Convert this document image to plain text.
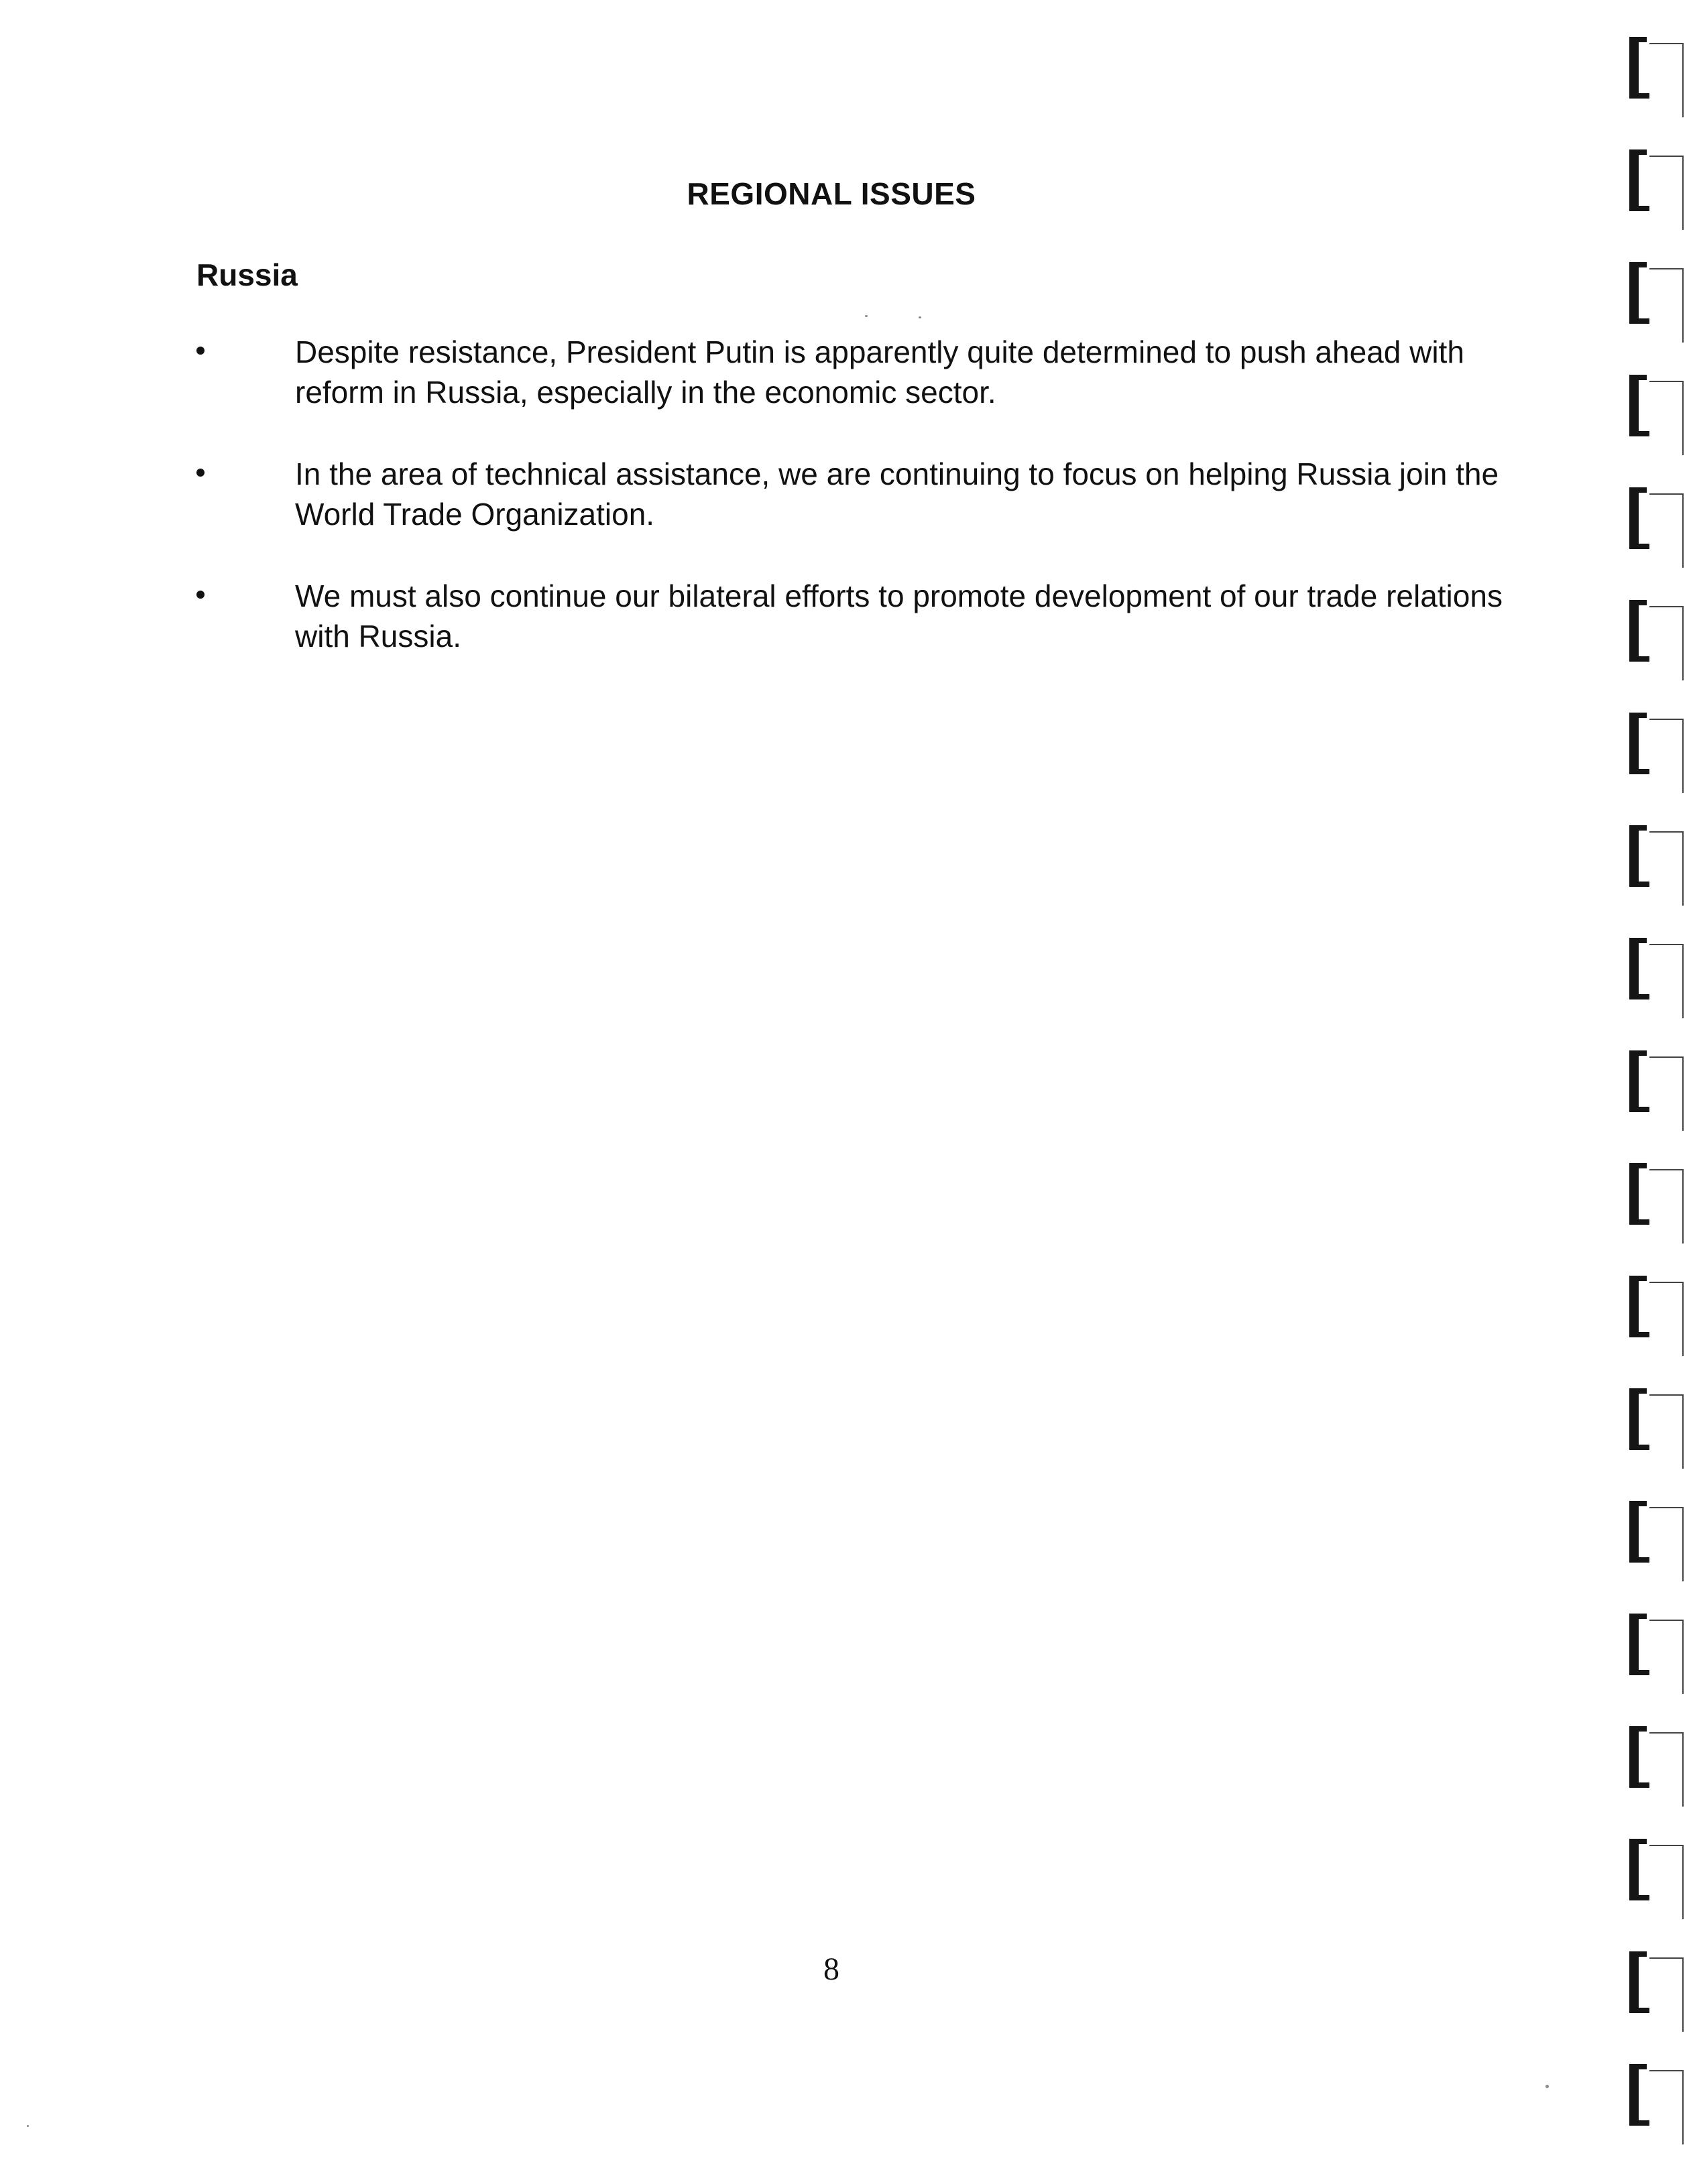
REGIONAL ISSUES
Russia
Despite resistance, President Putin is apparently quite determined to push ahead with reform in Russia, especially in the economic sector.
In the area of technical assistance, we are continuing to focus on helping Russia join the World Trade Organization.
We must also continue our bilateral efforts to promote development of our trade relations with Russia.
8
